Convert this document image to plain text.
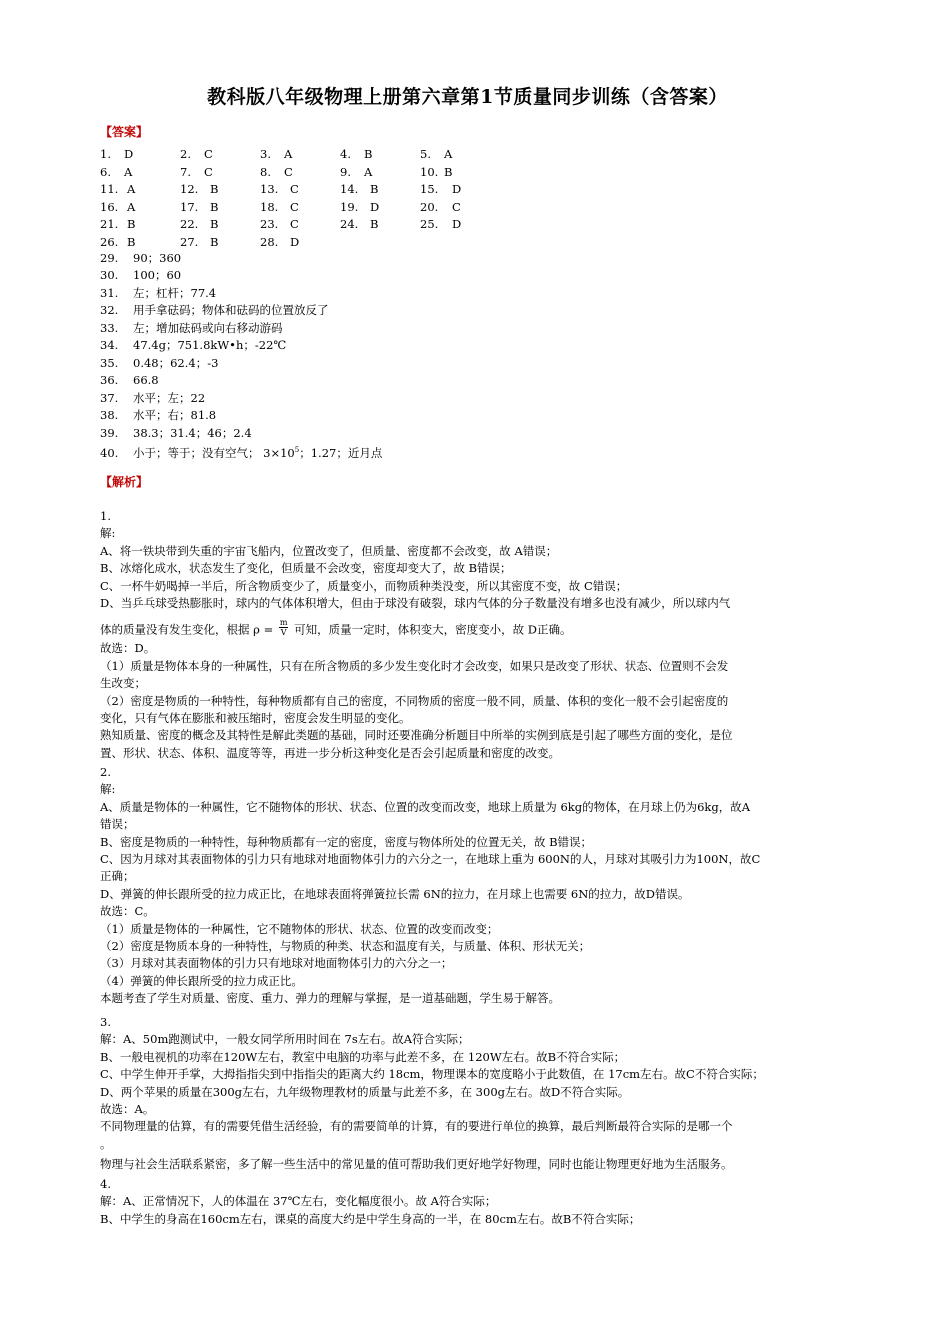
教科版八年级物理上册第六章第1节质量同步训练（含答案）
【答案】
1. D	2. C	3. A	4. B	5. A
6. A	7. C	8. C	9. A	10. B
11. A	12. B	13. C	14. B	15. D
16. A	17. B	18. C	19. D	20. C
21. B	22. B	23. C	24. B	25. D
26. B	27. B	28. D
29. 90；360
30. 100；60
31. 左；杠杆；77.4
32. 用手拿砝码；物体和砝码的位置放反了
33. 左；增加砝码或向右移动游码
34. 47.4g；751.8kW•h；-22℃
35. 0.48；62.4；-3
36. 66.8
37. 水平；左；22
38. 水平；右；81.8
39. 38.3；31.4；46；2.4
40. 小于；等于；没有空气； $3\times 10^5$；1.27；近月点
【解析】

1.

解:

A、将一铁块带到失重的宇宙飞船内，位置改变了，但质量、密度都不会改变，故 A错误；

B、冰熔化成水，状态发生了变化，但质量不会改变，密度却变大了，故 B错误；

C、一杯牛奶喝掉一半后，所含物质变少了，质量变小，而物质种类没变，所以其密度不变，故 C错误；

D、当乒乓球受热膨胀时，球内的气体体积增大，但由于球没有破裂，球内气体的分子数量没有增多也没有减少，所以球内气

体的质量没有发生变化，根据 $\rho = \frac{m}{V}$ 可知，质量一定时，体积变大，密度变小，故 D正确。

故选：D。

（1）质量是物体本身的一种属性，只有在所含物质的多少发生变化时才会改变，如果只是改变了形状、状态、位置则不会发

生改变；

（2）密度是物质的一种特性，每种物质都有自己的密度，不同物质的密度一般不同，质量、体积的变化一般不会引起密度的

变化，只有气体在膨胀和被压缩时，密度会发生明显的变化。

熟知质量、密度的概念及其特性是解此类题的基础，同时还要准确分析题目中所举的实例到底是引起了哪些方面的变化，是位

置、形状、状态、体积、温度等等，再进一步分析这种变化是否会引起质量和密度的改变。

2.

解:

A、质量是物体的一种属性，它不随物体的形状、状态、位置的改变而改变，地球上质量为 6kg的物体，在月球上仍为6kg，故A

错误；

B、密度是物质的一种特性，每种物质都有一定的密度，密度与物体所处的位置无关，故 B错误；

C、因为月球对其表面物体的引力只有地球对地面物体引力的六分之一，在地球上重为 600N的人，月球对其吸引力为100N，故C

正确；

D、弹簧的伸长跟所受的拉力成正比，在地球表面将弹簧拉长需 6N的拉力，在月球上也需要 6N的拉力，故D错误。

故选：C。

（1）质量是物体的一种属性，它不随物体的形状、状态、位置的改变而改变；

（2）密度是物质本身的一种特性，与物质的种类、状态和温度有关，与质量、体积、形状无关；

（3）月球对其表面物体的引力只有地球对地面物体引力的六分之一；

（4）弹簧的伸长跟所受的拉力成正比。

本题考查了学生对质量、密度、重力、弹力的理解与掌握，是一道基础题，学生易于解答。

3.

解：A、50m跑测试中，一般女同学所用时间在 7s左右。故A符合实际；

B、一般电视机的功率在120W左右，教室中电脑的功率与此差不多，在 120W左右。故B不符合实际；

C、中学生伸开手掌，大拇指指尖到中指指尖的距离大约 18cm，物理课本的宽度略小于此数值，在 17cm左右。故C不符合实际；

D、两个苹果的质量在300g左右，九年级物理教材的质量与此差不多，在 300g左右。故D不符合实际。

故选：A。

不同物理量的估算，有的需要凭借生活经验，有的需要简单的计算，有的要进行单位的换算，最后判断最符合实际的是哪一个

。

物理与社会生活联系紧密，多了解一些生活中的常见量的值可帮助我们更好地学好物理，同时也能让物理更好地为生活服务。

4.

解：A、正常情况下，人的体温在 37℃左右，变化幅度很小。故 A符合实际；

B、中学生的身高在160cm左右，课桌的高度大约是中学生身高的一半，在 80cm左右。故B不符合实际；
